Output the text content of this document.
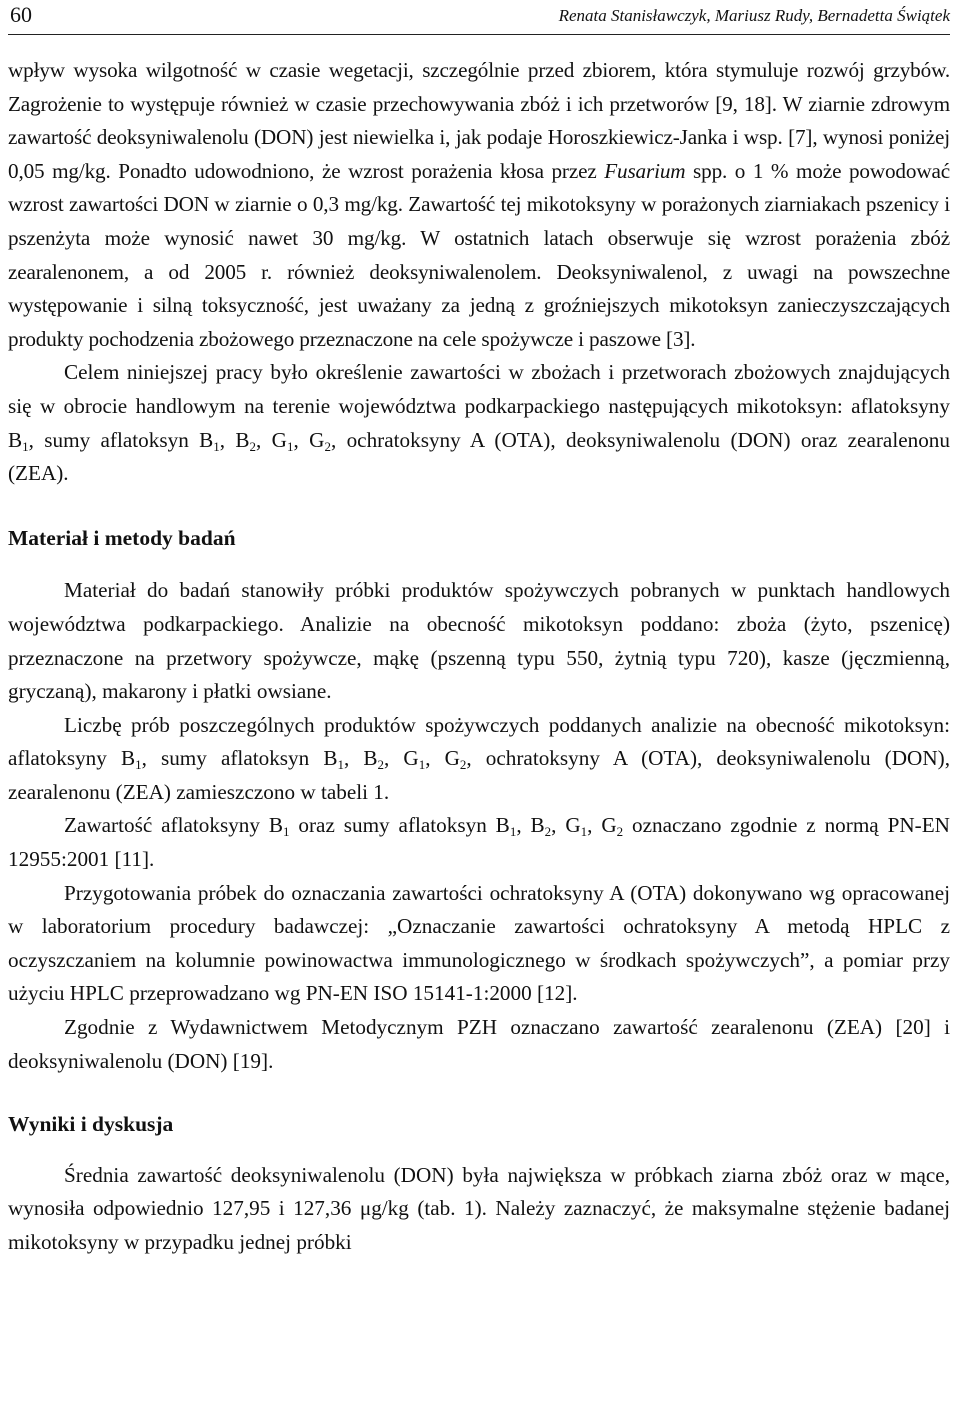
60	Renata Stanisławczyk, Mariusz Rudy, Bernadetta Świątek

wpływ wysoka wilgotność w czasie wegetacji, szczególnie przed zbiorem, która stymuluje rozwój grzybów. Zagrożenie to występuje również w czasie przechowywania zbóż i ich przetworów [9, 18]. W ziarnie zdrowym zawartość deoksyniwalenolu (DON) jest niewielka i, jak podaje Horoszkiewicz-Janka i wsp. [7], wynosi poniżej 0,05 mg/kg. Ponadto udowodniono, że wzrost porażenia kłosa przez Fusarium spp. o 1 % może powodować wzrost zawartości DON w ziarnie o 0,3 mg/kg. Zawartość tej mikotoksyny w porażonych ziarniakach pszenicy i pszenżyta może wynosić nawet 30 mg/kg. W ostatnich latach obserwuje się wzrost porażenia zbóż zearalenonem, a od 2005 r. również deoksyniwalenolem. Deoksyniwalenol, z uwagi na powszechne występowanie i silną toksyczność, jest uważany za jedną z groźniejszych mikotoksyn zanieczyszczających produkty pochodzenia zbożowego przeznaczone na cele spożywcze i paszowe [3].

Celem niniejszej pracy było określenie zawartości w zbożach i przetworach zbożowych znajdujących się w obrocie handlowym na terenie województwa podkarpackiego następujących mikotoksyn: aflatoksyny $B_1$, sumy aflatoksyn $B_1$, $B_2$, $G_1$, $G_2$, ochratoksyny A (OTA), deoksyniwalenolu (DON) oraz zearalenonu (ZEA).

Materiał i metody badań

Materiał do badań stanowiły próbki produktów spożywczych pobranych w punktach handlowych województwa podkarpackiego. Analizie na obecność mikotoksyn poddano: zboża (żyto, pszenicę) przeznaczone na przetwory spożywcze, mąkę (pszenną typu 550, żytnią typu 720), kasze (jęczmienną, gryczaną), makarony i płatki owsiane.

Liczbę prób poszczególnych produktów spożywczych poddanych analizie na obecność mikotoksyn: aflatoksyny $B_1$, sumy aflatoksyn $B_1$, $B_2$, $G_1$, $G_2$, ochratoksyny A (OTA), deoksyniwalenolu (DON), zearalenonu (ZEA) zamieszczono w tabeli 1.

Zawartość aflatoksyny $B_1$ oraz sumy aflatoksyn $B_1$, $B_2$, $G_1$, $G_2$ oznaczano zgodnie z normą PN-EN 12955:2001 [11].

Przygotowania próbek do oznaczania zawartości ochratoksyny A (OTA) dokonywano wg opracowanej w laboratorium procedury badawczej: „Oznaczanie zawartości ochratoksyny A metodą HPLC z oczyszczaniem na kolumnie powinowactwa immunologicznego w środkach spożywczych”, a pomiar przy użyciu HPLC przeprowadzano wg PN-EN ISO 15141-1:2000 [12].

Zgodnie z Wydawnictwem Metodycznym PZH oznaczano zawartość zearalenonu (ZEA) [20] i deoksyniwalenolu (DON) [19].

Wyniki i dyskusja

Średnia zawartość deoksyniwalenolu (DON) była największa w próbkach ziarna zbóż oraz w mące, wynosiła odpowiednio 127,95 i 127,36 μg/kg (tab. 1). Należy zaznaczyć, że maksymalne stężenie badanej mikotoksyny w przypadku jednej próbki
